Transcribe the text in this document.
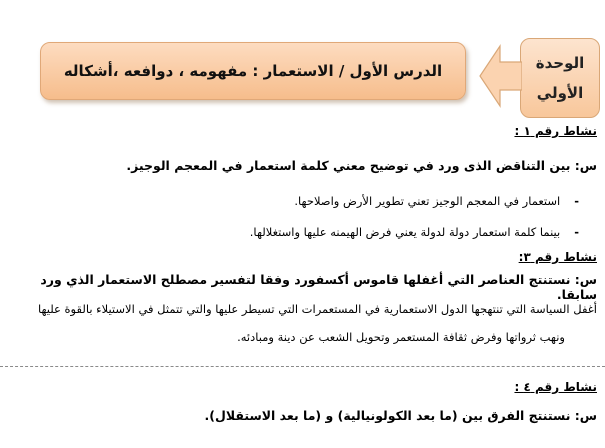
الوحدة
الأولي
الدرس الأول / الاستعمار : مفهومه ، دوافعه ،أشكاله
نشاط رقم ١ :
س: بين التناقض الذى ورد في توضيح معني كلمة استعمار في المعجم الوجيز.
-
استعمار في المعجم الوجيز تعني تطوير الأرض واصلاحها.
-
بينما كلمة استعمار دولة لدولة يعني فرض الهيمنه عليها واستغلالها.
نشاط رقم ٣:
س: نستنتج العناصر التي أغفلها قاموس أكسفورد وفقا لتفسير مصطلح الاستعمار الذي ورد سابقا.
أغفل السياسة التي تنتهجها الدول الاستعمارية في المستعمرات التي تسيطر عليها والتي تتمثل في الاستيلاء بالقوة عليها
ونهب ثرواتها وفرض ثقافة المستعمر وتحويل الشعب عن دينة ومبادئه.
نشاط رقم ٤ :
س: نستنتج الفرق بين (ما بعد الكولونيالية) و (ما بعد الاستقلال).
